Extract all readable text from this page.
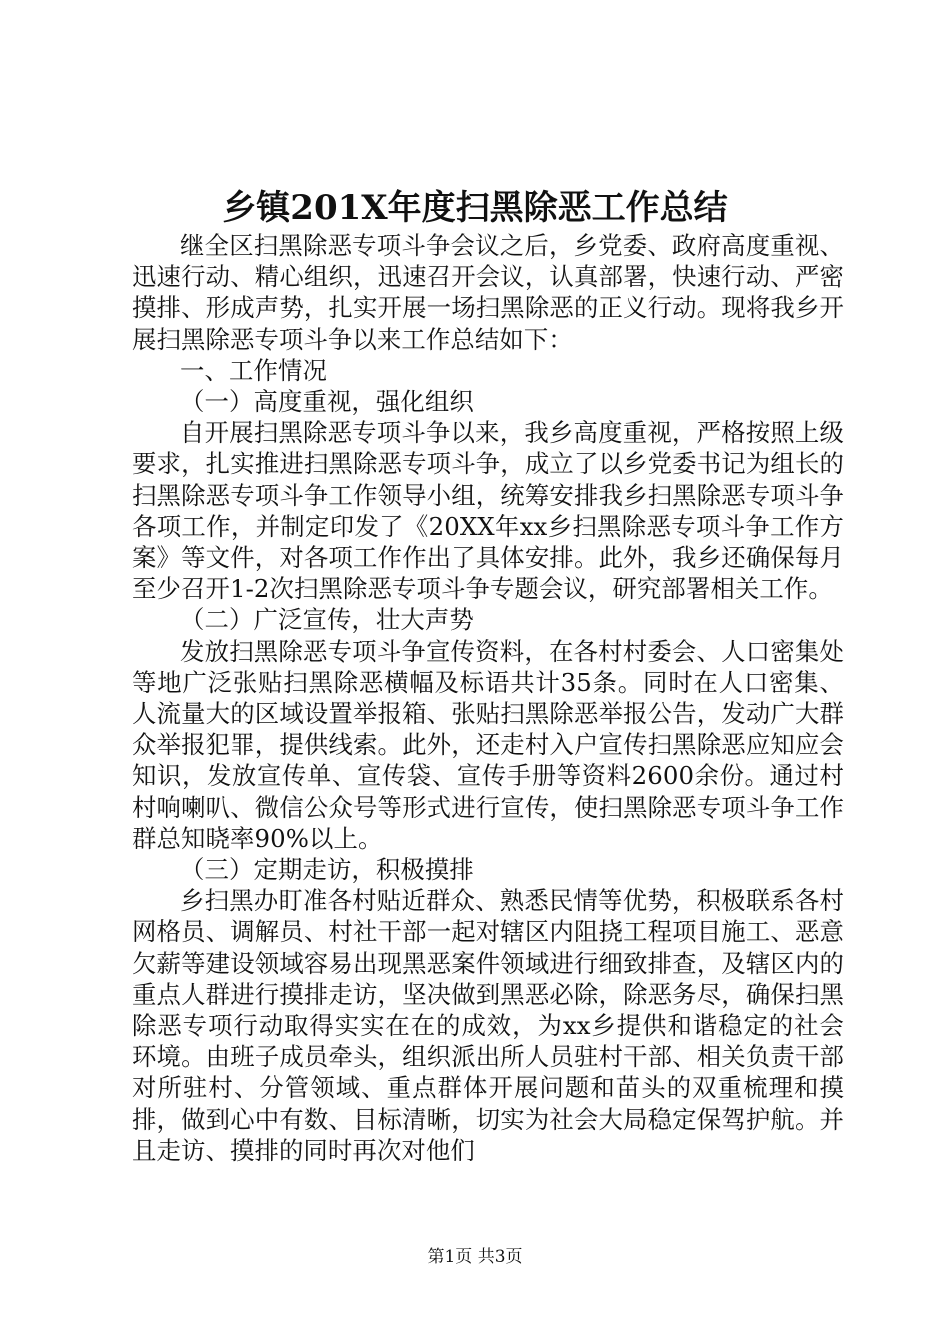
乡镇201X年度扫黑除恶工作总结

继全区扫黑除恶专项斗争会议之后，乡党委、政府高度重视、迅速行动、精心组织，迅速召开会议，认真部署，快速行动、严密摸排、形成声势，扎实开展一场扫黑除恶的正义行动。现将我乡开展扫黑除恶专项斗争以来工作总结如下：

一、工作情况

（一）高度重视，强化组织

自开展扫黑除恶专项斗争以来，我乡高度重视，严格按照上级要求，扎实推进扫黑除恶专项斗争，成立了以乡党委书记为组长的扫黑除恶专项斗争工作领导小组，统筹安排我乡扫黑除恶专项斗争各项工作，并制定印发了《20XX年xx乡扫黑除恶专项斗争工作方案》等文件，对各项工作作出了具体安排。此外，我乡还确保每月至少召开1-2次扫黑除恶专项斗争专题会议，研究部署相关工作。

（二）广泛宣传，壮大声势

发放扫黑除恶专项斗争宣传资料，在各村村委会、人口密集处等地广泛张贴扫黑除恶横幅及标语共计35条。同时在人口密集、人流量大的区域设置举报箱、张贴扫黑除恶举报公告，发动广大群众举报犯罪，提供线索。此外，还走村入户宣传扫黑除恶应知应会知识，发放宣传单、宣传袋、宣传手册等资料2600余份。通过村村响喇叭、微信公众号等形式进行宣传，使扫黑除恶专项斗争工作群总知晓率90%以上。

（三）定期走访，积极摸排

乡扫黑办盯准各村贴近群众、熟悉民情等优势，积极联系各村网格员、调解员、村社干部一起对辖区内阻挠工程项目施工、恶意欠薪等建设领域容易出现黑恶案件领域进行细致排查，及辖区内的重点人群进行摸排走访，坚决做到黑恶必除，除恶务尽，确保扫黑除恶专项行动取得实实在在的成效，为xx乡提供和谐稳定的社会环境。由班子成员牵头，组织派出所人员驻村干部、相关负责干部对所驻村、分管领域、重点群体开展问题和苗头的双重梳理和摸排，做到心中有数、目标清晰，切实为社会大局稳定保驾护航。并且走访、摸排的同时再次对他们

第1页 共3页
